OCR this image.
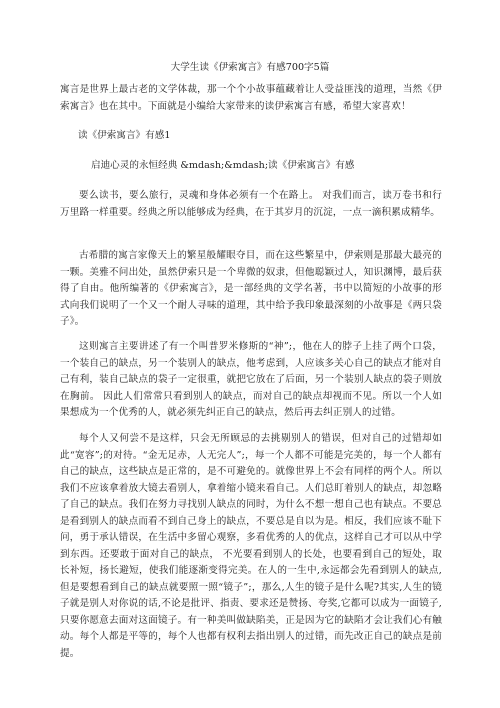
大学生读《伊索寓言》有感700字5篇

寓言是世界上最古老的文学体裁，那一个个小故事蕴藏着让人受益匪浅的道理，当然《伊索寓言》也在其中。下面就是小编给大家带来的读伊索寓言有感，希望大家喜欢！

读《伊索寓言》有感1
启迪心灵的永恒经典 &mdash;&mdash;读《伊索寓言》有感

要么读书，要么旅行，灵魂和身体必须有一个在路上。 对我们而言，读万卷书和行万里路一样重要。经典之所以能够成为经典，在于其岁月的沉淀，一点一滴积累成精华。

古希腊的寓言家像天上的繁星般耀眼夺目，而在这些繁星中，伊索则是那最大最亮的一颗。美雅不问出处，虽然伊索只是一个卑微的奴隶，但他聪颖过人，知识渊博，最后获得了自由。他所编著的《伊索寓言》，是一部经典的文学名著，书中以简短的小故事的形式向我们说明了一个又一个耐人寻味的道理，其中给予我印象最深刻的小故事是《两只袋子》。

这则寓言主要讲述了有一个叫普罗米修斯的“神”;，他在人的脖子上挂了两个口袋，一个装自己的缺点，另一个装别人的缺点，他考虑到，人应该多关心自己的缺点才能对自己有利，装自己缺点的袋子一定很重，就把它放在了后面，另一个装别人缺点的袋子则放在胸前。 因此人们常常只看到别人的缺点，而对自己的缺点却视而不见。所以一个人如果想成为一个优秀的人，就必须先纠正自己的缺点，然后再去纠正别人的过错。

每个人又何尝不是这样，只会无所顾忌的去挑剔别人的错误，但对自己的过错却如此“宽容”;的对待。“金无足赤，人无完人”;，每一个人都不可能是完美的，每一个人都有自己的缺点，这些缺点是正常的，是不可避免的。就像世界上不会有同样的两个人。所以我们不应该拿着放大镜去看别人，拿着缩小镜来看自己。人们总盯着别人的缺点，却忽略了自己的缺点。我们在努力寻找别人缺点的同时，为什么不想一想自己也有缺点。不要总是看到别人的缺点而看不到自己身上的缺点，不要总是自以为是。相反，我们应该不耻下问，勇于承认错误，在生活中多留心观察，多看优秀的人的优点，这样自己才可以从中学到东西。还要敢于面对自己的缺点， 不光要看到别人的长处，也要看到自己的短处，取长补短，扬长避短，使我们能逐渐变得完美。在人的一生中,永远都会先看到别人的缺点,但是要想看到自己的缺点就要照一照“镜子”;，那么,人生的镜子是什么呢?其实,人生的镜子就是别人对你说的话,不论是批评、指责、要求还是赞扬、夸奖,它都可以成为一面镜子,只要你愿意去面对这面镜子。有一种美叫做缺陷美，正是因为它的缺陷才会让我们心有触动。每个人都是平等的，每个人也都有权利去指出别人的过错，而先改正自己的缺点是前提。
